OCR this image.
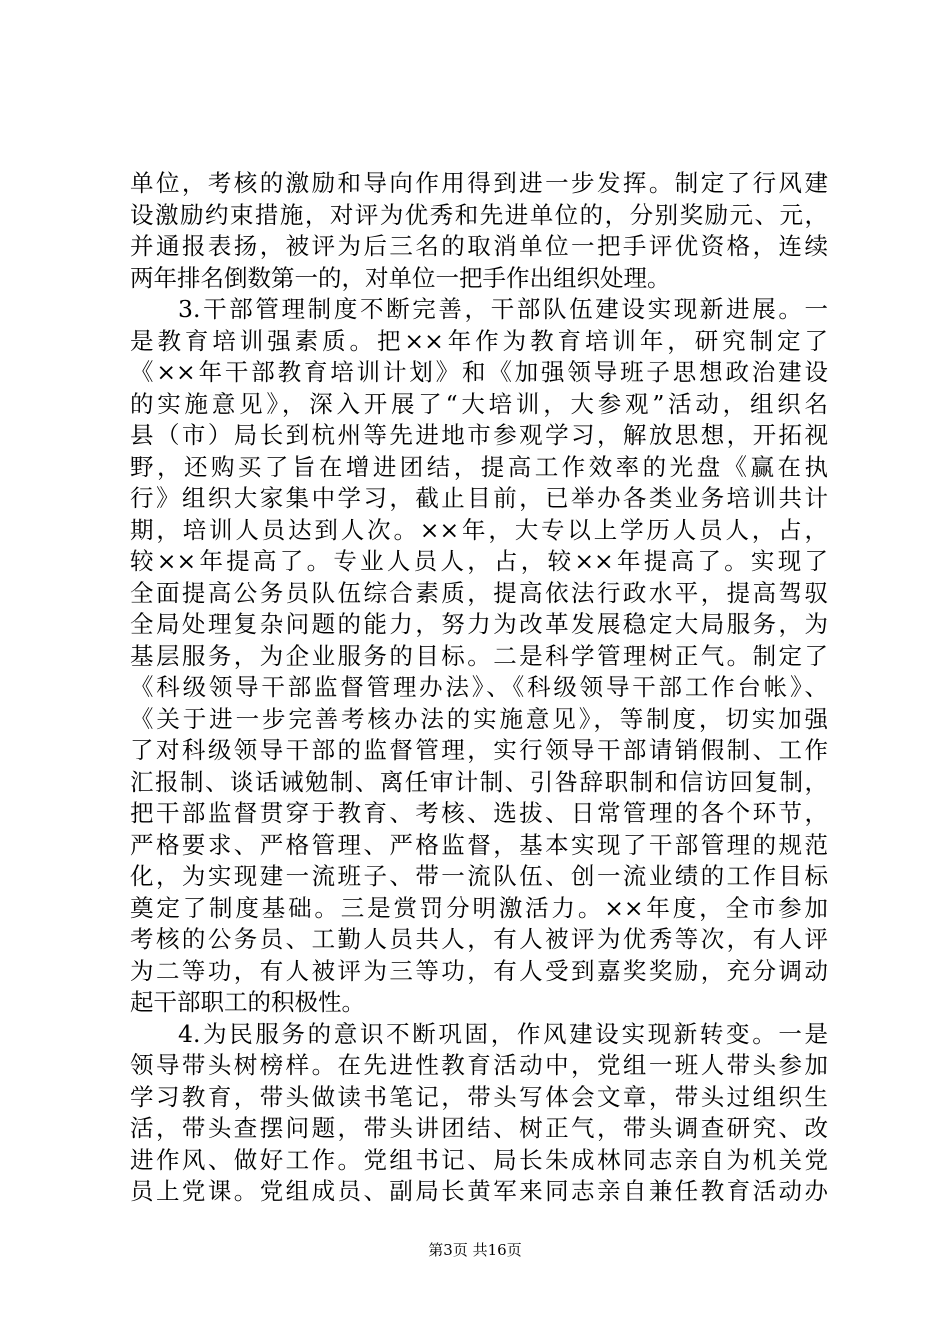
单位，考核的激励和导向作用得到进一步发挥。制定了行风建
设激励约束措施，对评为优秀和先进单位的，分别奖励元、元，
并通报表扬，被评为后三名的取消单位一把手评优资格，连续
两年排名倒数第一的，对单位一把手作出组织处理。
3.干部管理制度不断完善，干部队伍建设实现新进展。一
是教育培训强素质。把××年作为教育培训年，研究制定了
《××年干部教育培训计划》和《加强领导班子思想政治建设
的实施意见》，深入开展了“大培训，大参观”活动，组织名
县（市）局长到杭州等先进地市参观学习，解放思想，开拓视
野，还购买了旨在增进团结，提高工作效率的光盘《赢在执
行》组织大家集中学习，截止目前，已举办各类业务培训共计
期，培训人员达到人次。××年，大专以上学历人员人，占，
较××年提高了。专业人员人，占，较××年提高了。实现了
全面提高公务员队伍综合素质，提高依法行政水平，提高驾驭
全局处理复杂问题的能力，努力为改革发展稳定大局服务，为
基层服务，为企业服务的目标。二是科学管理树正气。制定了
《科级领导干部监督管理办法》、《科级领导干部工作台帐》、
《关于进一步完善考核办法的实施意见》，等制度，切实加强
了对科级领导干部的监督管理，实行领导干部请销假制、工作
汇报制、谈话诫勉制、离任审计制、引咎辞职制和信访回复制，
把干部监督贯穿于教育、考核、选拔、日常管理的各个环节，
严格要求、严格管理、严格监督，基本实现了干部管理的规范
化，为实现建一流班子、带一流队伍、创一流业绩的工作目标
奠定了制度基础。三是赏罚分明激活力。××年度，全市参加
考核的公务员、工勤人员共人，有人被评为优秀等次，有人评
为二等功，有人被评为三等功，有人受到嘉奖奖励，充分调动
起干部职工的积极性。
4.为民服务的意识不断巩固，作风建设实现新转变。一是
领导带头树榜样。在先进性教育活动中，党组一班人带头参加
学习教育，带头做读书笔记，带头写体会文章，带头过组织生
活，带头查摆问题，带头讲团结、树正气，带头调查研究、改
进作风、做好工作。党组书记、局长朱成林同志亲自为机关党
员上党课。党组成员、副局长黄军来同志亲自兼任教育活动办
第3页 共16页
